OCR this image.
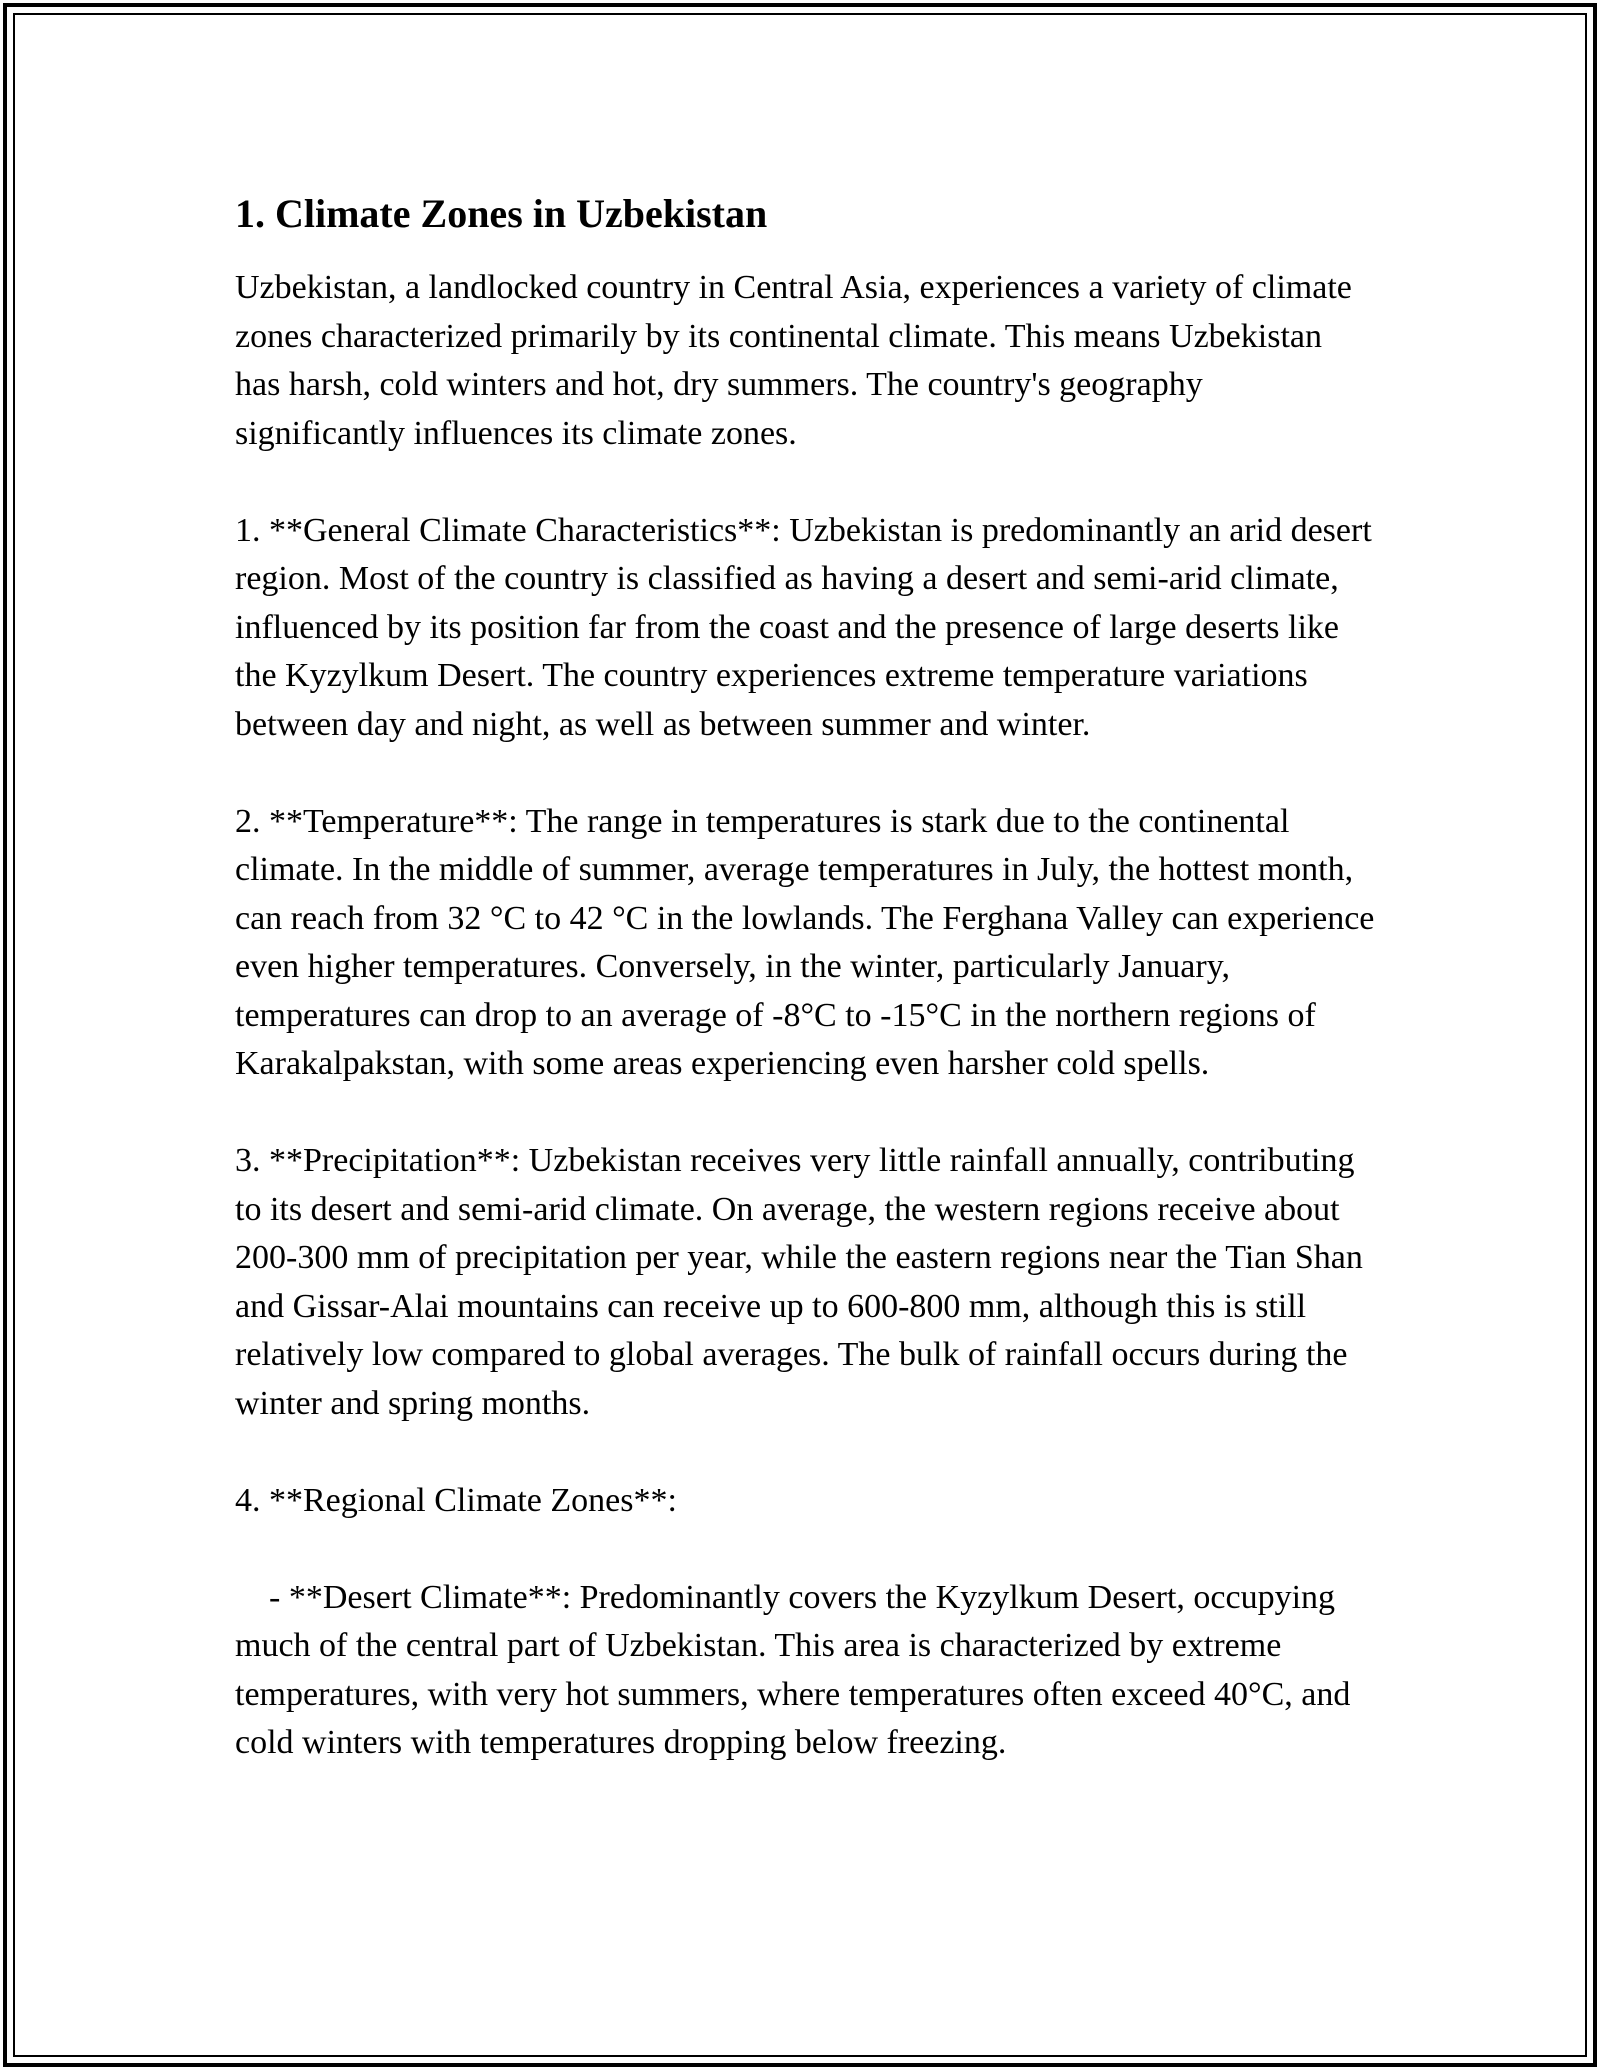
1. Climate Zones in Uzbekistan

Uzbekistan, a landlocked country in Central Asia, experiences a variety of climate zones characterized primarily by its continental climate. This means Uzbekistan has harsh, cold winters and hot, dry summers. The country's geography significantly influences its climate zones.

1. **General Climate Characteristics**: Uzbekistan is predominantly an arid desert region. Most of the country is classified as having a desert and semi-arid climate, influenced by its position far from the coast and the presence of large deserts like the Kyzylkum Desert. The country experiences extreme temperature variations between day and night, as well as between summer and winter.

2. **Temperature**: The range in temperatures is stark due to the continental climate. In the middle of summer, average temperatures in July, the hottest month, can reach from 32 °C to 42 °C in the lowlands. The Ferghana Valley can experience even higher temperatures. Conversely, in the winter, particularly January, temperatures can drop to an average of -8°C to -15°C in the northern regions of Karakalpakstan, with some areas experiencing even harsher cold spells.

3. **Precipitation**: Uzbekistan receives very little rainfall annually, contributing to its desert and semi-arid climate. On average, the western regions receive about 200-300 mm of precipitation per year, while the eastern regions near the Tian Shan and Gissar-Alai mountains can receive up to 600-800 mm, although this is still relatively low compared to global averages. The bulk of rainfall occurs during the winter and spring months.

4. **Regional Climate Zones**:

- **Desert Climate**: Predominantly covers the Kyzylkum Desert, occupying much of the central part of Uzbekistan. This area is characterized by extreme temperatures, with very hot summers, where temperatures often exceed 40°C, and cold winters with temperatures dropping below freezing.
